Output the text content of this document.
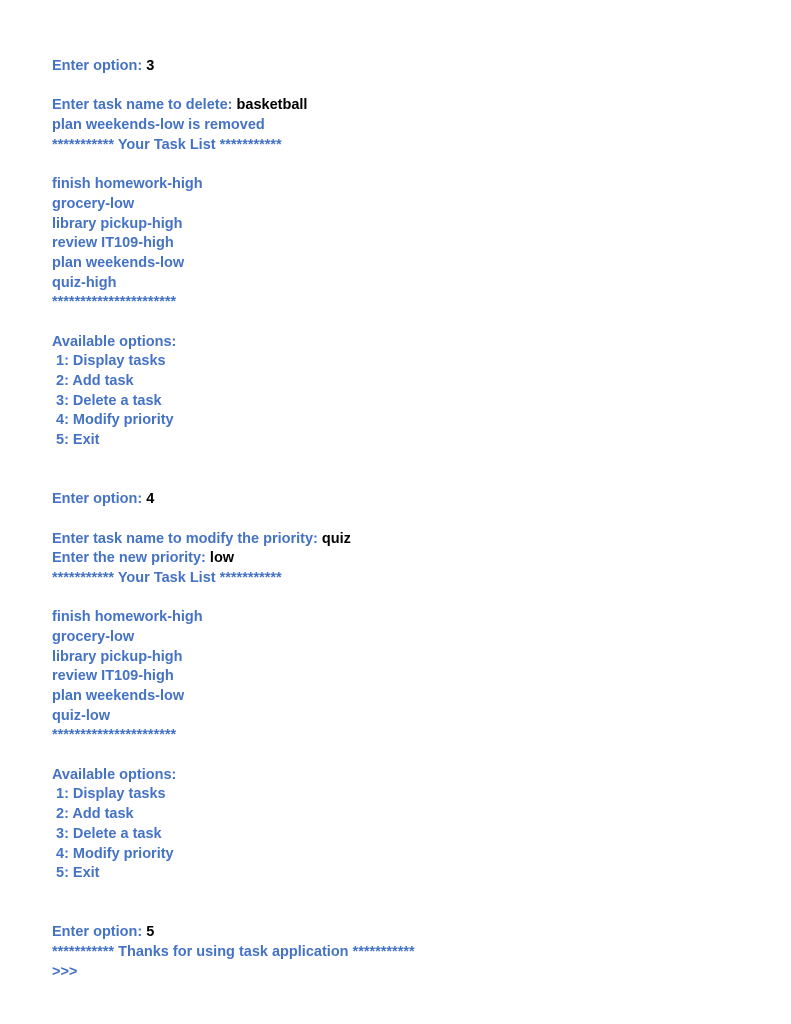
Enter option: 3
Enter task name to delete: basketball
plan weekends-low is removed
*********** Your Task List ***********
finish homework-high
grocery-low
library pickup-high
review IT109-high
plan weekends-low
quiz-high
**********************
Available options:
1: Display tasks
2: Add task
3: Delete a task
4: Modify priority
5: Exit
Enter option: 4
Enter task name to modify the priority: quiz
Enter the new priority: low
*********** Your Task List ***********
finish homework-high
grocery-low
library pickup-high
review IT109-high
plan weekends-low
quiz-low
**********************
Available options:
1: Display tasks
2: Add task
3: Delete a task
4: Modify priority
5: Exit
Enter option: 5
*********** Thanks for using task application ***********
>>>
